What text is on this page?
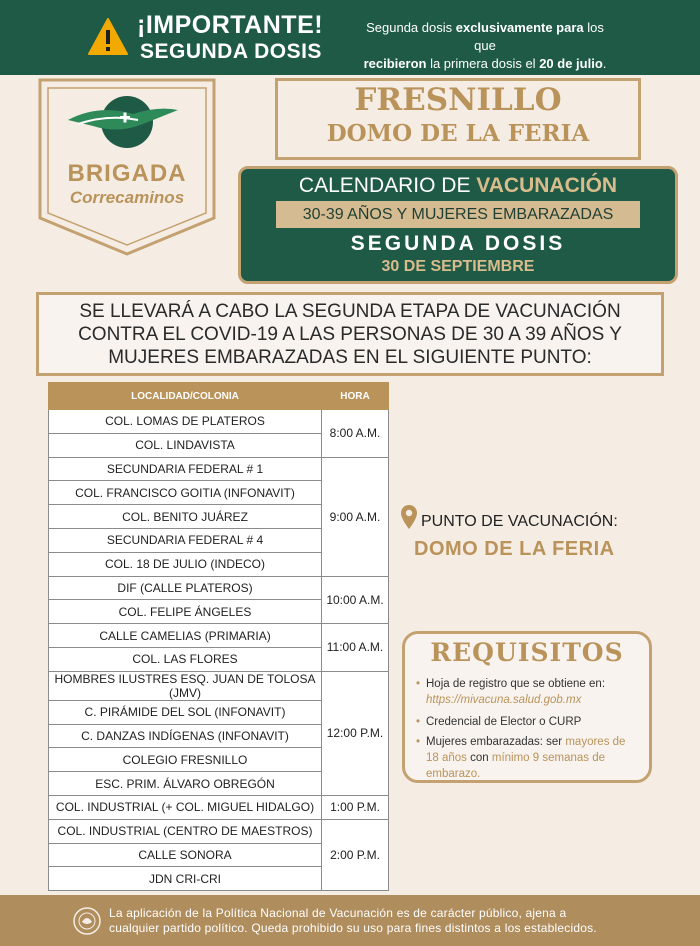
¡IMPORTANTE!
SEGUNDA DOSIS
Segunda dosis exclusivamente para los que
recibieron la primera dosis el 20 de julio.
BRIGADA
Correcaminos
FRESNILLO
DOMO DE LA FERIA
CALENDARIO DE VACUNACIÓN
30-39 AÑOS Y MUJERES EMBARAZADAS
SEGUNDA DOSIS
30 DE SEPTIEMBRE
SE LLEVARÁ A CABO LA SEGUNDA ETAPA DE VACUNACIÓN
CONTRA EL COVID-19 A LAS PERSONAS DE 30 A 39 AÑOS Y
MUJERES EMBARAZADAS EN EL SIGUIENTE PUNTO:
LOCALIDAD/COLONIA	HORA
COL. LOMAS DE PLATEROS	8:00 A.M.
COL. LINDAVISTA	
SECUNDARIA FEDERAL # 1	9:00 A.M.
COL. FRANCISCO GOITIA (INFONAVIT)	
COL. BENITO JUÁREZ	
SECUNDARIA FEDERAL # 4	
COL. 18 DE JULIO (INDECO)	
DIF (CALLE PLATEROS)	10:00 A.M.
COL. FELIPE ÁNGELES	
CALLE CAMELIAS (PRIMARIA)	11:00 A.M.
COL. LAS FLORES	
HOMBRES ILUSTRES ESQ. JUAN DE TOLOSA (JMV)	12:00 P.M.
C. PIRÁMIDE DEL SOL (INFONAVIT)	
C. DANZAS INDÍGENAS (INFONAVIT)	
COLEGIO FRESNILLO	
ESC. PRIM. ÁLVARO OBREGÓN	
COL. INDUSTRIAL (+ COL. MIGUEL HIDALGO)	1:00 P.M.
COL. INDUSTRIAL (CENTRO DE MAESTROS)	2:00 P.M.
CALLE SONORA	
JDN CRI-CRI	
PUNTO DE VACUNACIÓN:
DOMO DE LA FERIA
REQUISITOS
• Hoja de registro que se obtiene en: https://mivacuna.salud.gob.mx
• Credencial de Elector o CURP
• Mujeres embarazadas: ser mayores de 18 años con mínimo 9 semanas de embarazo.
La aplicación de la Política Nacional de Vacunación es de carácter público, ajena a
cualquier partido político. Queda prohibido su uso para fines distintos a los establecidos.
